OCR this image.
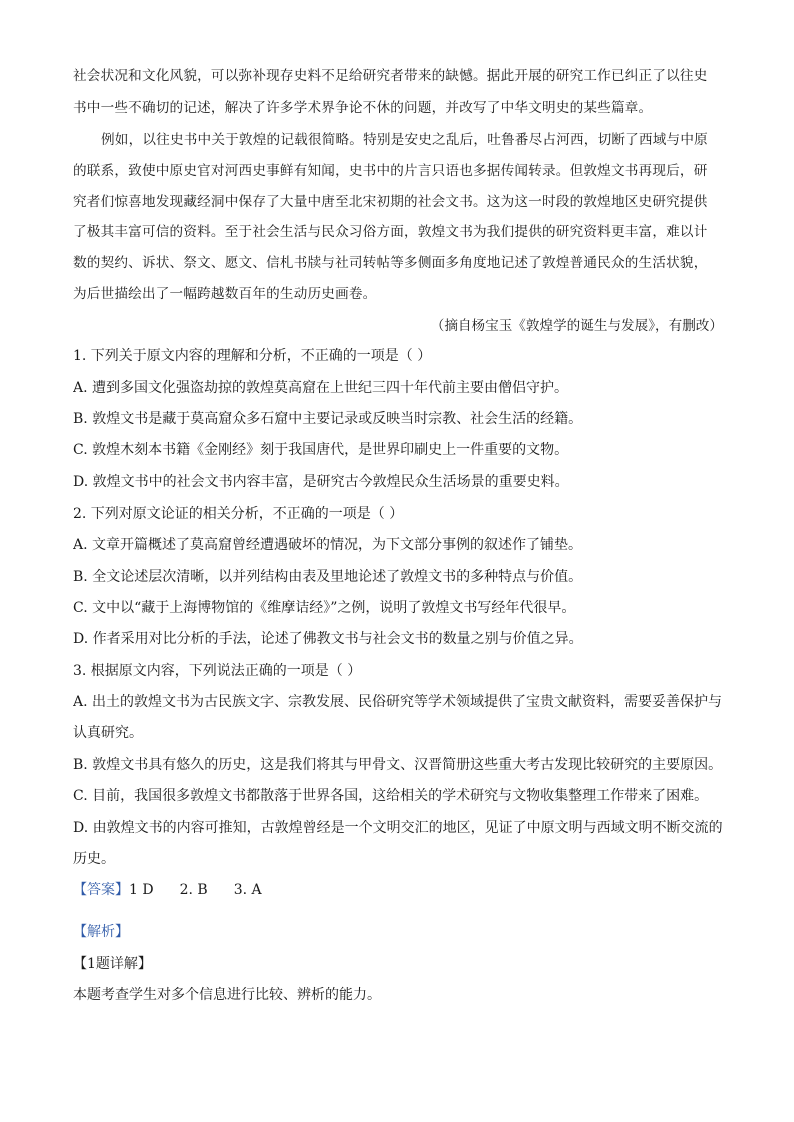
社会状况和文化风貌，可以弥补现存史料不足给研究者带来的缺憾。据此开展的研究工作已纠正了以往史
书中一些不确切的记述，解决了许多学术界争论不休的问题，并改写了中华文明史的某些篇章。
例如，以往史书中关于敦煌的记载很简略。特别是安史之乱后，吐鲁番尽占河西，切断了西域与中原
的联系，致使中原史官对河西史事鲜有知闻，史书中的片言只语也多据传闻转录。但敦煌文书再现后，研
究者们惊喜地发现藏经洞中保存了大量中唐至北宋初期的社会文书。这为这一时段的敦煌地区史研究提供
了极其丰富可信的资料。至于社会生活与民众习俗方面，敦煌文书为我们提供的研究资料更丰富，难以计
数的契约、诉状、祭文、愿文、信札书牍与社司转帖等多侧面多角度地记述了敦煌普通民众的生活状貌，
为后世描绘出了一幅跨越数百年的生动历史画卷。
（摘自杨宝玉《敦煌学的诞生与发展》，有删改）
1. 下列关于原文内容的理解和分析，不正确的一项是（ ）
A. 遭到多国文化强盗劫掠的敦煌莫高窟在上世纪三四十年代前主要由僧侣守护。
B. 敦煌文书是藏于莫高窟众多石窟中主要记录或反映当时宗教、社会生活的经籍。
C. 敦煌木刻本书籍《金刚经》刻于我国唐代，是世界印刷史上一件重要的文物。
D. 敦煌文书中的社会文书内容丰富，是研究古今敦煌民众生活场景的重要史料。
2. 下列对原文论证的相关分析，不正确的一项是（ ）
A. 文章开篇概述了莫高窟曾经遭遇破坏的情况，为下文部分事例的叙述作了铺垫。
B. 全文论述层次清晰，以并列结构由表及里地论述了敦煌文书的多种特点与价值。
C. 文中以“藏于上海博物馆的《维摩诘经》”之例，说明了敦煌文书写经年代很早。
D. 作者采用对比分析的手法，论述了佛教文书与社会文书的数量之别与价值之异。
3. 根据原文内容，下列说法正确的一项是（ ）
A. 出土的敦煌文书为古民族文字、宗教发展、民俗研究等学术领域提供了宝贵文献资料，需要妥善保护与
认真研究。
B. 敦煌文书具有悠久的历史，这是我们将其与甲骨文、汉晋简册这些重大考古发现比较研究的主要原因。
C. 目前，我国很多敦煌文书都散落于世界各国，这给相关的学术研究与文物收集整理工作带来了困难。
D. 由敦煌文书的内容可推知，古敦煌曾经是一个文明交汇的地区，见证了中原文明与西域文明不断交流的
历史。
【答案】1 D 2. B 3. A
【解析】
【1题详解】
本题考查学生对多个信息进行比较、辨析的能力。
